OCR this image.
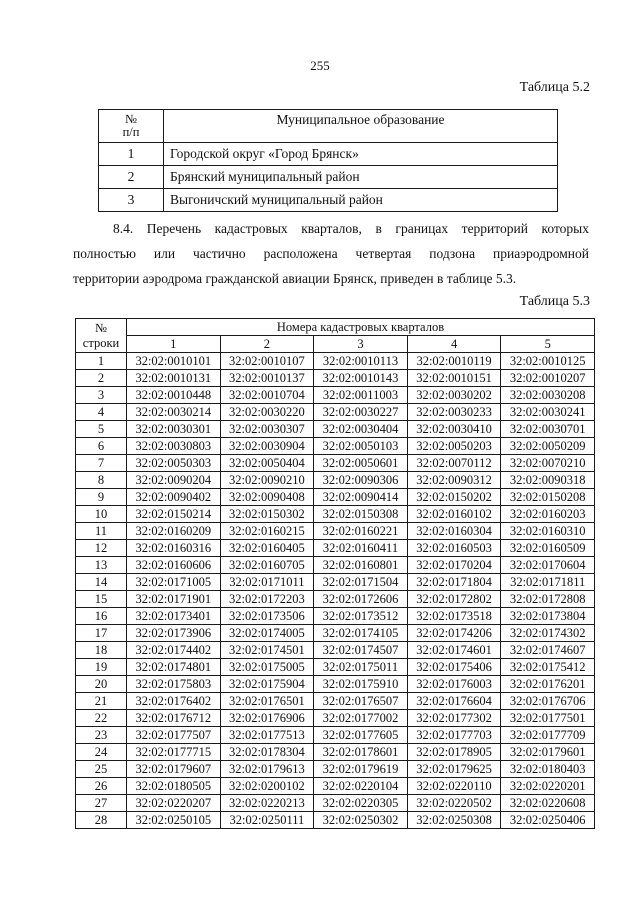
255
Таблица 5.2
№
п/п	Муниципальное образование
1	Городской округ «Город Брянск»
2	Брянский муниципальный район
3	Выгоничский муниципальный район
8.4. Перечень кадастровых кварталов, в границах территорий которых
полностью или частично расположена четвертая подзона приаэродромной
территории аэродрома гражданской авиации Брянск, приведен в таблице 5.3.
Таблица 5.3
№
строки	Номера кадастровых кварталов				
	1	2	3	4	5
1	32:02:0010101	32:02:0010107	32:02:0010113	32:02:0010119	32:02:0010125
2	32:02:0010131	32:02:0010137	32:02:0010143	32:02:0010151	32:02:0010207
3	32:02:0010448	32:02:0010704	32:02:0011003	32:02:0030202	32:02:0030208
4	32:02:0030214	32:02:0030220	32:02:0030227	32:02:0030233	32:02:0030241
5	32:02:0030301	32:02:0030307	32:02:0030404	32:02:0030410	32:02:0030701
6	32:02:0030803	32:02:0030904	32:02:0050103	32:02:0050203	32:02:0050209
7	32:02:0050303	32:02:0050404	32:02:0050601	32:02:0070112	32:02:0070210
8	32:02:0090204	32:02:0090210	32:02:0090306	32:02:0090312	32:02:0090318
9	32:02:0090402	32:02:0090408	32:02:0090414	32:02:0150202	32:02:0150208
10	32:02:0150214	32:02:0150302	32:02:0150308	32:02:0160102	32:02:0160203
11	32:02:0160209	32:02:0160215	32:02:0160221	32:02:0160304	32:02:0160310
12	32:02:0160316	32:02:0160405	32:02:0160411	32:02:0160503	32:02:0160509
13	32:02:0160606	32:02:0160705	32:02:0160801	32:02:0170204	32:02:0170604
14	32:02:0171005	32:02:0171011	32:02:0171504	32:02:0171804	32:02:0171811
15	32:02:0171901	32:02:0172203	32:02:0172606	32:02:0172802	32:02:0172808
16	32:02:0173401	32:02:0173506	32:02:0173512	32:02:0173518	32:02:0173804
17	32:02:0173906	32:02:0174005	32:02:0174105	32:02:0174206	32:02:0174302
18	32:02:0174402	32:02:0174501	32:02:0174507	32:02:0174601	32:02:0174607
19	32:02:0174801	32:02:0175005	32:02:0175011	32:02:0175406	32:02:0175412
20	32:02:0175803	32:02:0175904	32:02:0175910	32:02:0176003	32:02:0176201
21	32:02:0176402	32:02:0176501	32:02:0176507	32:02:0176604	32:02:0176706
22	32:02:0176712	32:02:0176906	32:02:0177002	32:02:0177302	32:02:0177501
23	32:02:0177507	32:02:0177513	32:02:0177605	32:02:0177703	32:02:0177709
24	32:02:0177715	32:02:0178304	32:02:0178601	32:02:0178905	32:02:0179601
25	32:02:0179607	32:02:0179613	32:02:0179619	32:02:0179625	32:02:0180403
26	32:02:0180505	32:02:0200102	32:02:0220104	32:02:0220110	32:02:0220201
27	32:02:0220207	32:02:0220213	32:02:0220305	32:02:0220502	32:02:0220608
28	32:02:0250105	32:02:0250111	32:02:0250302	32:02:0250308	32:02:0250406
